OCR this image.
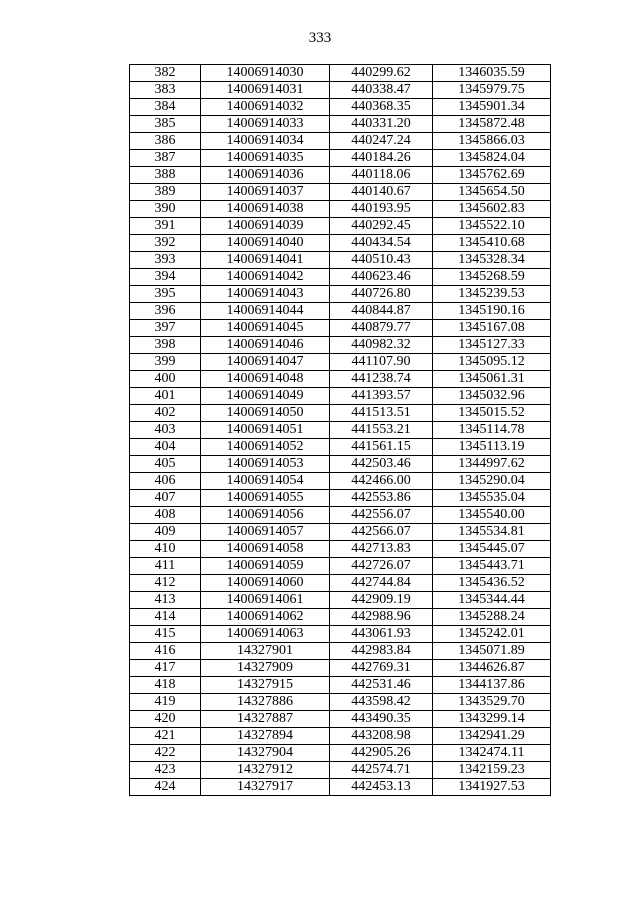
333
382	14006914030	440299.62	1346035.59
383	14006914031	440338.47	1345979.75
384	14006914032	440368.35	1345901.34
385	14006914033	440331.20	1345872.48
386	14006914034	440247.24	1345866.03
387	14006914035	440184.26	1345824.04
388	14006914036	440118.06	1345762.69
389	14006914037	440140.67	1345654.50
390	14006914038	440193.95	1345602.83
391	14006914039	440292.45	1345522.10
392	14006914040	440434.54	1345410.68
393	14006914041	440510.43	1345328.34
394	14006914042	440623.46	1345268.59
395	14006914043	440726.80	1345239.53
396	14006914044	440844.87	1345190.16
397	14006914045	440879.77	1345167.08
398	14006914046	440982.32	1345127.33
399	14006914047	441107.90	1345095.12
400	14006914048	441238.74	1345061.31
401	14006914049	441393.57	1345032.96
402	14006914050	441513.51	1345015.52
403	14006914051	441553.21	1345114.78
404	14006914052	441561.15	1345113.19
405	14006914053	442503.46	1344997.62
406	14006914054	442466.00	1345290.04
407	14006914055	442553.86	1345535.04
408	14006914056	442556.07	1345540.00
409	14006914057	442566.07	1345534.81
410	14006914058	442713.83	1345445.07
411	14006914059	442726.07	1345443.71
412	14006914060	442744.84	1345436.52
413	14006914061	442909.19	1345344.44
414	14006914062	442988.96	1345288.24
415	14006914063	443061.93	1345242.01
416	14327901	442983.84	1345071.89
417	14327909	442769.31	1344626.87
418	14327915	442531.46	1344137.86
419	14327886	443598.42	1343529.70
420	14327887	443490.35	1343299.14
421	14327894	443208.98	1342941.29
422	14327904	442905.26	1342474.11
423	14327912	442574.71	1342159.23
424	14327917	442453.13	1341927.53
